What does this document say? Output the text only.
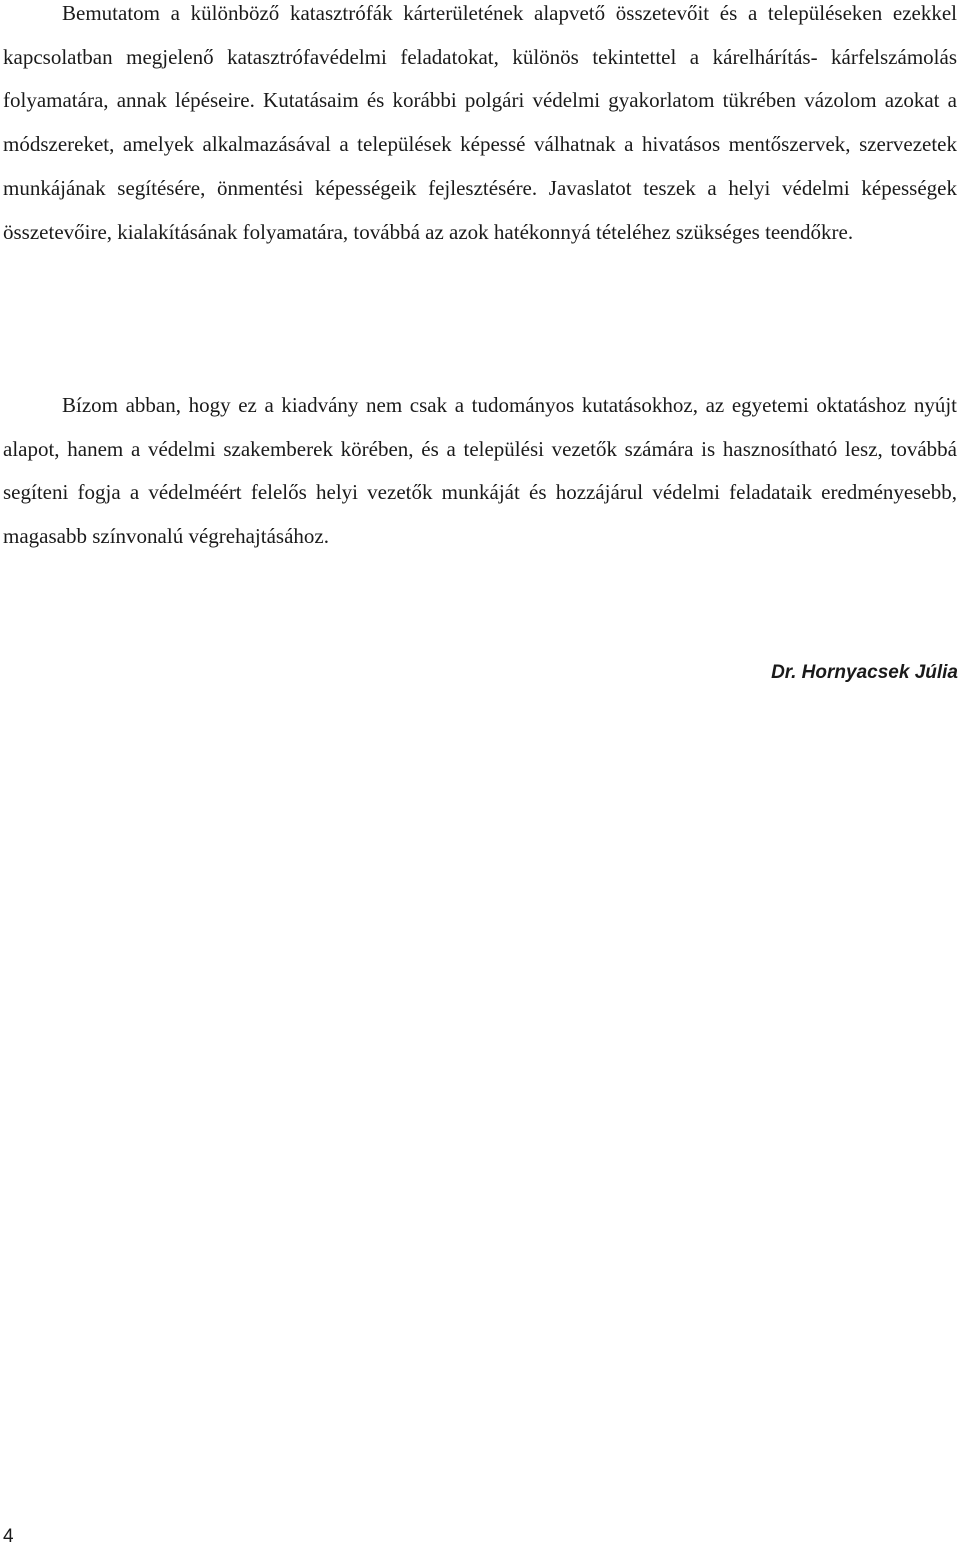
Bemutatom a különböző katasztrófák kárterületének alapvető összetevőit és a településeken ezekkel kapcsolatban megjelenő katasztrófavédelmi feladatokat, különös tekintettel a kárelhárítás- kárfelszámolás folyamatára, annak lépéseire. Kutatásaim és korábbi polgári védelmi gyakorlatom tükrében vázolom azokat a módszereket, amelyek alkalmazásával a települések képessé válhatnak a hivatásos mentőszervek, szervezetek munkájának segítésére, önmentési képességeik fejlesztésére. Javaslatot teszek a helyi védelmi képességek összetevőire, kialakításának folyamatára, továbbá az azok hatékonnyá tételéhez szükséges teendőkre.

Bízom abban, hogy ez a kiadvány nem csak a tudományos kutatásokhoz, az egyetemi oktatáshoz nyújt alapot, hanem a védelmi szakemberek körében, és a települési vezetők számára is hasznosítható lesz, továbbá segíteni fogja a védelméért felelős helyi vezetők munkáját és hozzájárul védelmi feladataik eredményesebb, magasabb színvonalú végrehajtásához.

Dr. Hornyacsek Júlia

4
